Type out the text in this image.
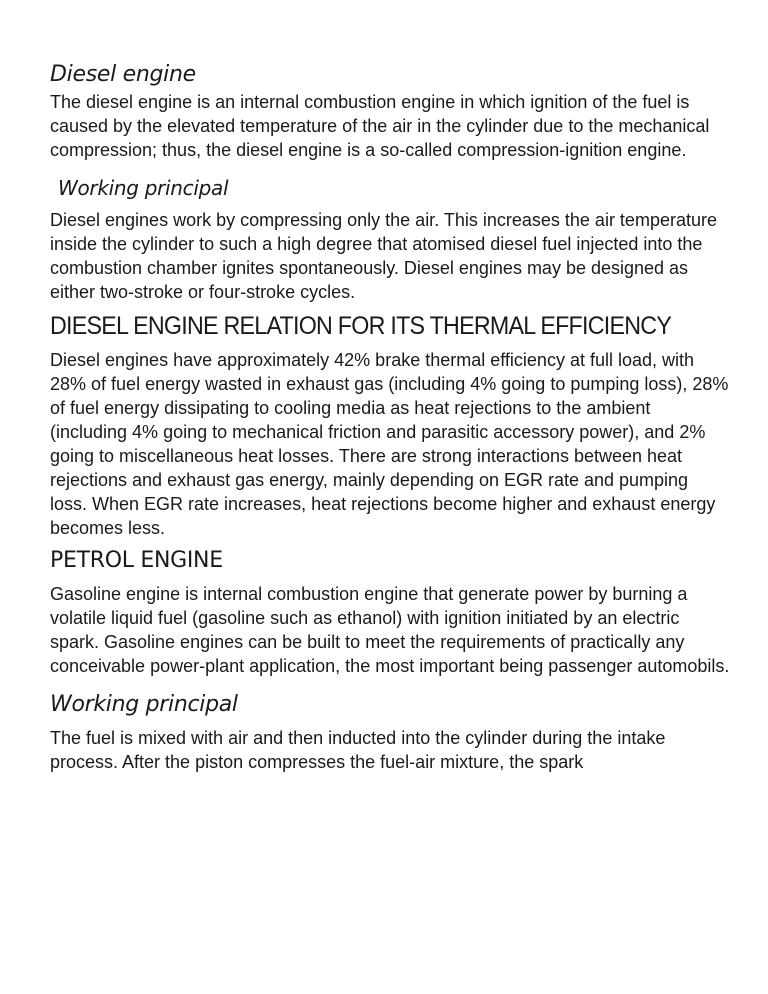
Diesel engine

The diesel engine is an internal combustion engine in which ignition of the fuel is caused by the elevated temperature of the air in the cylinder due to the mechanical compression; thus, the diesel engine is a so-called compression-ignition engine.

Working principal

Diesel engines work by compressing only the air. This increases the air temperature inside the cylinder to such a high degree that atomised diesel fuel injected into the combustion chamber ignites spontaneously. Diesel engines may be designed as either two-stroke or four-stroke cycles.

DIESEL ENGINE RELATION FOR ITS THERMAL EFFICIENCY

Diesel engines have approximately 42% brake thermal efficiency at full load, with 28% of fuel energy wasted in exhaust gas (including 4% going to pumping loss), 28% of fuel energy dissipating to cooling media as heat rejections to the ambient (including 4% going to mechanical friction and parasitic accessory power), and 2% going to miscellaneous heat losses. There are strong interactions between heat rejections and exhaust gas energy, mainly depending on EGR rate and pumping loss. When EGR rate increases, heat rejections become higher and exhaust energy becomes less.

PETROL ENGINE

Gasoline engine is internal combustion engine that generate power by burning a volatile liquid fuel (gasoline such as ethanol) with ignition initiated by an electric spark. Gasoline engines can be built to meet the requirements of practically any conceivable power-plant application, the most important being passenger automobils.

Working principal

The fuel is mixed with air and then inducted into the cylinder during the intake process. After the piston compresses the fuel-air mixture, the spark
